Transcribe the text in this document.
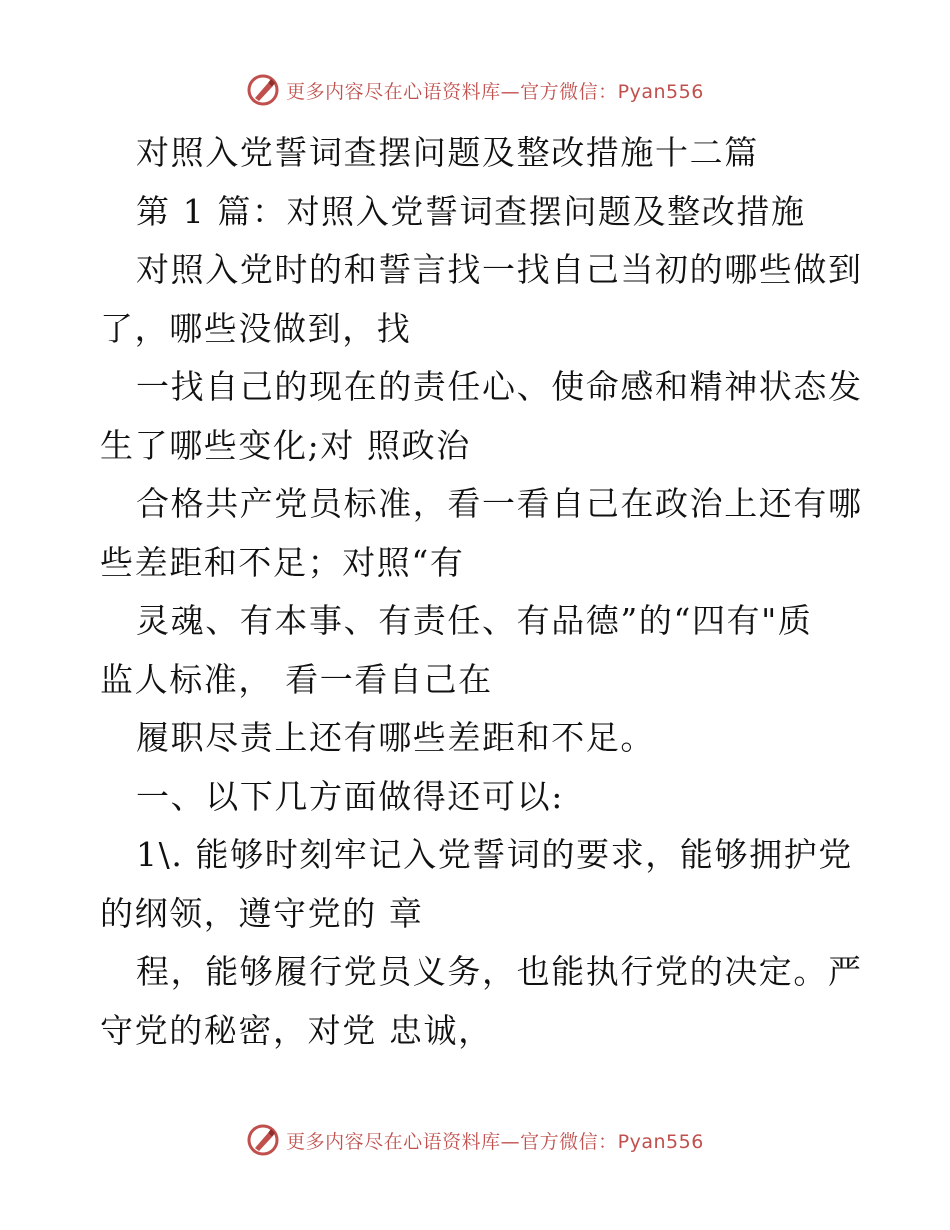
更多内容尽在心语资料库—官方微信：Pyan556
对照入党誓词查摆问题及整改措施十二篇
第 1 篇：对照入党誓词查摆问题及整改措施
对照入党时的和誓言找一找自己当初的哪些做到
了，哪些没做到，找
一找自己的现在的责任心、使命感和精神状态发
生了哪些变化;对 照政治
合格共产党员标准，看一看自己在政治上还有哪
些差距和不足；对照“有
灵魂、有本事、有责任、有品德”的“四有"质
监人标准， 看一看自己在
履职尽责上还有哪些差距和不足。
一、以下几方面做得还可以:
1\. 能够时刻牢记入党誓词的要求，能够拥护党
的纲领，遵守党的 章
程，能够履行党员义务，也能执行党的决定。严
守党的秘密，对党 忠诚，
更多内容尽在心语资料库—官方微信：Pyan556
